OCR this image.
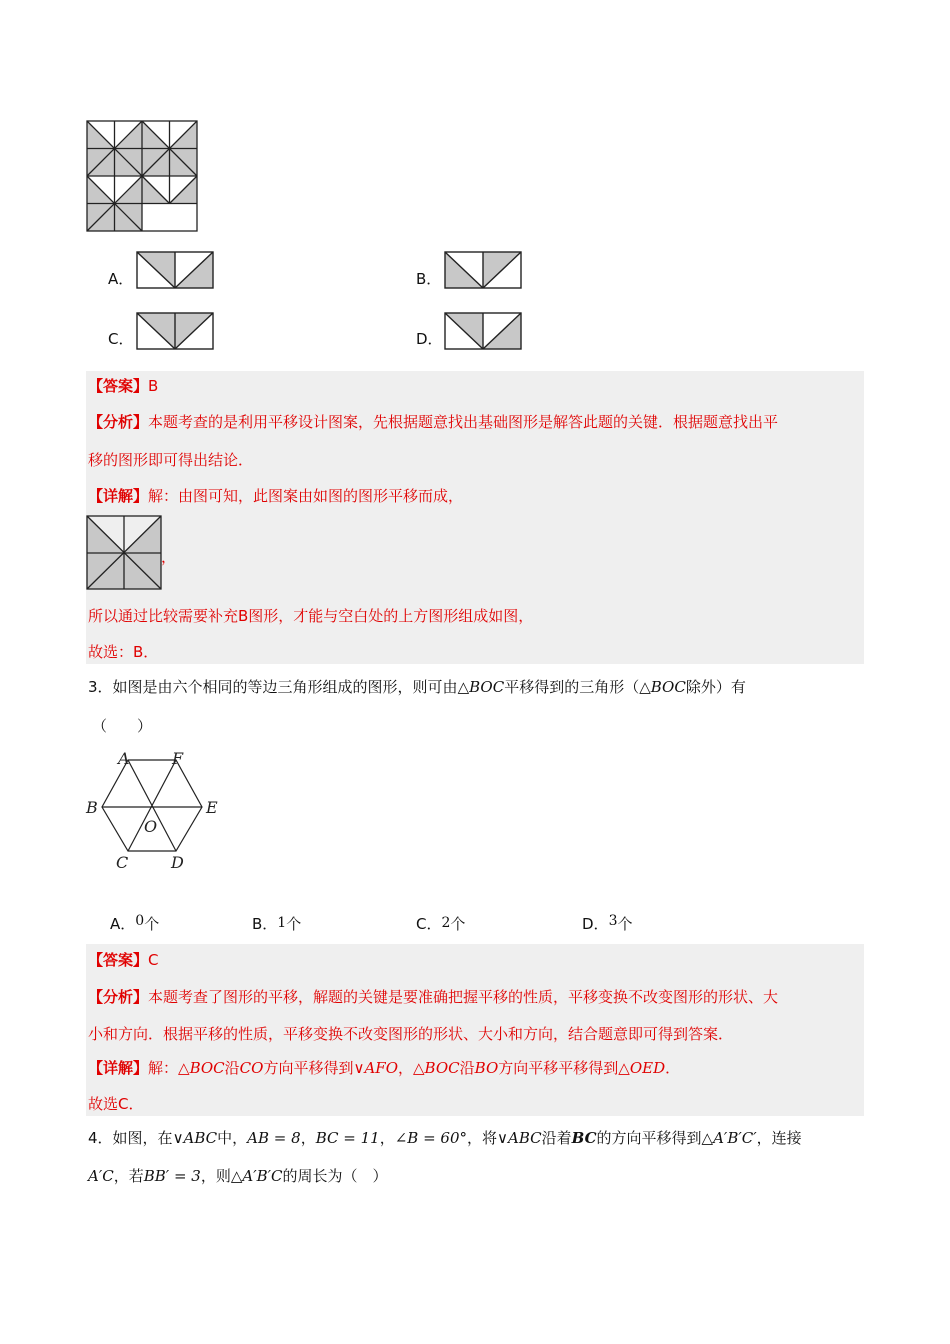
A．	B．
C．	D．
【答案】B
【分析】本题考查的是利用平移设计图案，先根据题意找出基础图形是解答此题的关键．根据题意找出平
移的图形即可得出结论．
【详解】解：由图可知，此图案由如图的图形平移而成，
，
所以通过比较需要补充B图形，才能与空白处的上方图形组成如图，
故选：B．
3．如图是由六个相同的等边三角形组成的图形，则可由△BOC平移得到的三角形（△BOC除外）有
（　　）
A	F
B	E
O
C	D
A．0个	B．1个	C．2个	D．3个
【答案】C
【分析】本题考查了图形的平移，解题的关键是要准确把握平移的性质，平移变换不改变图形的形状、大
小和方向．根据平移的性质，平移变换不改变图形的形状、大小和方向，结合题意即可得到答案．
【详解】解：△BOC沿CO方向平移得到∨AFO，△BOC沿BO方向平移平移得到△OED．
故选C．
4．如图，在∨ABC中，AB = 8，BC = 11，∠B = 60°，将∨ABC沿着BC的方向平移得到△A′B′C′，连接
A′C，若BB′ = 3，则△A′B′C的周长为（　）
